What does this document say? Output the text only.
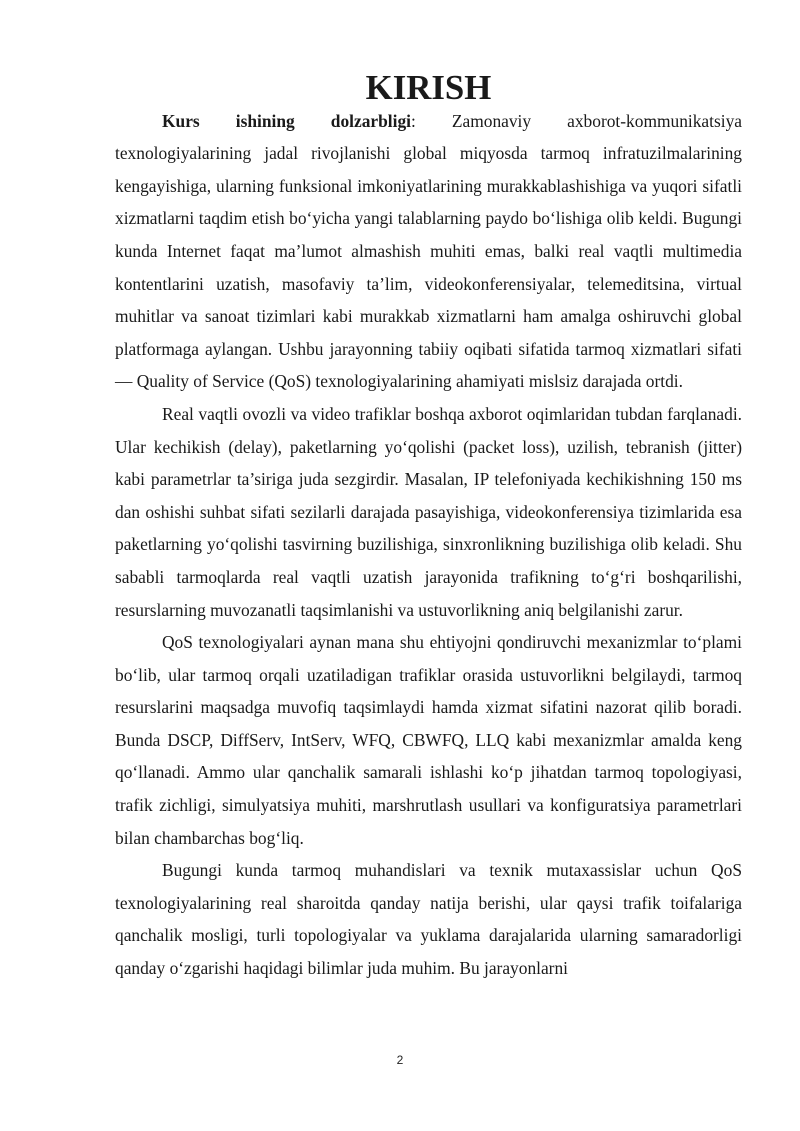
KIRISH

Kurs ishining dolzarbligi: Zamonaviy axborot-kommunikatsiya texnologiyalarining jadal rivojlanishi global miqyosda tarmoq infratuzilmalarining kengayishiga, ularning funksional imkoniyatlarining murakkablashishiga va yuqori sifatli xizmatlarni taqdim etish bo‘yicha yangi talablarning paydo bo‘lishiga olib keldi. Bugungi kunda Internet faqat ma’lumot almashish muhiti emas, balki real vaqtli multimedia kontentlarini uzatish, masofaviy ta’lim, videokonferensiyalar, telemeditsina, virtual muhitlar va sanoat tizimlari kabi murakkab xizmatlarni ham amalga oshiruvchi global platformaga aylangan. Ushbu jarayonning tabiiy oqibati sifatida tarmoq xizmatlari sifati — Quality of Service (QoS) texnologiyalarining ahamiyati mislsiz darajada ortdi.

Real vaqtli ovozli va video trafiklar boshqa axborot oqimlaridan tubdan farqlanadi. Ular kechikish (delay), paketlarning yo‘qolishi (packet loss), uzilish, tebranish (jitter) kabi parametrlar ta’siriga juda sezgirdir. Masalan, IP telefoniyada kechikishning 150 ms dan oshishi suhbat sifati sezilarli darajada pasayishiga, videokonferensiya tizimlarida esa paketlarning yo‘qolishi tasvirning buzilishiga, sinxronlikning buzilishiga olib keladi. Shu sababli tarmoqlarda real vaqtli uzatish jarayonida trafikning to‘g‘ri boshqarilishi, resurslarning muvozanatli taqsimlanishi va ustuvorlikning aniq belgilanishi zarur.

QoS texnologiyalari aynan mana shu ehtiyojni qondiruvchi mexanizmlar to‘plami bo‘lib, ular tarmoq orqali uzatiladigan trafiklar orasida ustuvorlikni belgilaydi, tarmoq resurslarini maqsadga muvofiq taqsimlaydi hamda xizmat sifatini nazorat qilib boradi. Bunda DSCP, DiffServ, IntServ, WFQ, CBWFQ, LLQ kabi mexanizmlar amalda keng qo‘llanadi. Ammo ular qanchalik samarali ishlashi ko‘p jihatdan tarmoq topologiyasi, trafik zichligi, simulyatsiya muhiti, marshrutlash usullari va konfiguratsiya parametrlari bilan chambarchas bog‘liq.

Bugungi kunda tarmoq muhandislari va texnik mutaxassislar uchun QoS texnologiyalarining real sharoitda qanday natija berishi, ular qaysi trafik toifalariga qanchalik mosligi, turli topologiyalar va yuklama darajalarida ularning samaradorligi qanday o‘zgarishi haqidagi bilimlar juda muhim. Bu jarayonlarni

2
